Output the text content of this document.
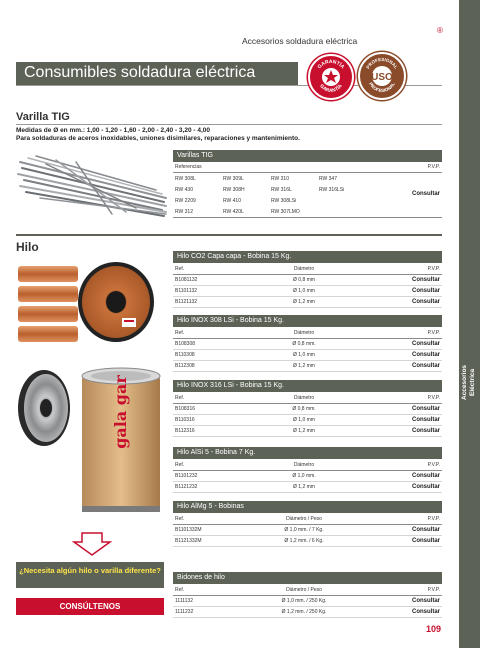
Accesorios Eléctrica
®
Accesorios soldadura eléctrica
Consumibles soldadura eléctrica	GARANTÍA
GARANTÍA
USO
PROFESIONAL
PROFESIONAL
Varilla TIG
Medidas de Ø en mm.: 1,00 - 1,20 - 1,60 - 2,00 - 2,40 - 3,20 - 4,00
Para soldaduras de aceros inoxidables, uniones disimilares, reparaciones y mantenimiento.
Varillas TIG
Referencias	P.V.P.
RW 308L	RW 309L	RW 310	RW 347
RW 430	RW 308H	RW 316L	RW 316LSi
RW 2209	RW 410	RW 308LSi
RW 312	RW 420L	RW 307LMO
Consultar
Hilo
gala gar
¿Necesita algún hilo o varilla diferente?
CONSÚLTENOS
Hilo CO2 Capa capa - Bobina 15 Kg.
Ref.	Diámetro	P.V.P.
B1081132	Ø 0,8 mm	Consultar
B1101132	Ø 1,0 mm	Consultar
B1121132	Ø 1,2 mm	Consultar
Hilo INOX 308 LSi - Bobina 15 Kg.
Ref.	Diámetro	P.V.P.
B108308	Ø 0,8 mm.	Consultar
B110308	Ø 1,0 mm	Consultar
B112308	Ø 1,2 mm	Consultar
Hilo INOX 316 LSi - Bobina 15 Kg.
Ref.	Diámetro	P.V.P.
B108316	Ø 0,8 mm.	Consultar
B110316	Ø 1,0 mm	Consultar
B112316	Ø 1,2 mm	Consultar
Hilo AlSi 5 - Bobina 7 Kg.
Ref.	Diámetro	P.V.P.
B1101232	Ø 1,0 mm.	Consultar
B1121232	Ø 1,2 mm	Consultar
Hilo AlMg 5 - Bobinas
Ref.	Diámetro / Peso	P.V.P.
B1101332M	Ø 1,0 mm. / 7 Kg.	Consultar
B1121332M	Ø 1,2 mm. / 6 Kg.	Consultar
Bidones de hilo
Ref.	Diámetro / Peso	P.V.P.
1111132	Ø 1,0 mm. / 250 Kg.	Consultar
1111232	Ø 1,2 mm. / 250 Kg.	Consultar
109
